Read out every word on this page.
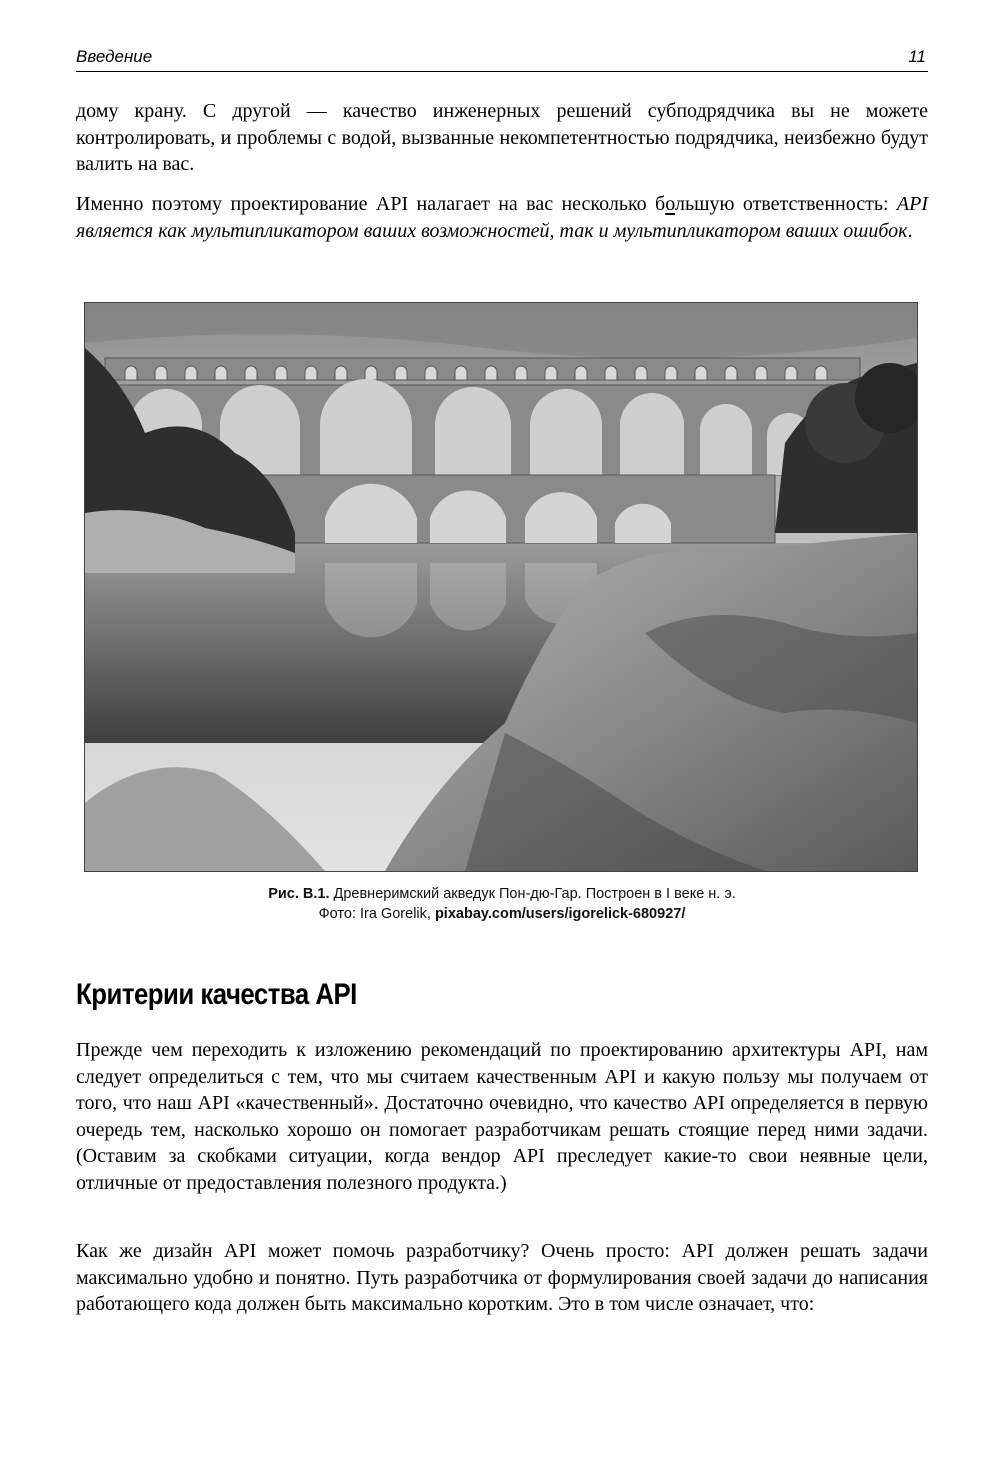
Введение	11

дому крану. С другой — качество инженерных решений субподрядчика вы не можете контролировать, и проблемы с водой, вызванные некомпетентностью подрядчика, неизбежно будут валить на вас.

Именно поэтому проектирование API налагает на вас несколько большую ответственность: API является как мультипликатором ваших возможностей, так и мультипликатором ваших ошибок.

Рис. В.1. Древнеримский акведук Пон-дю-Гар. Построен в I веке н. э.
Фото: Ira Gorelik, pixabay.com/users/igorelick-680927/
Критерии качества API

Прежде чем переходить к изложению рекомендаций по проектированию архитектуры API, нам следует определиться с тем, что мы считаем качественным API и какую пользу мы получаем от того, что наш API «качественный». Достаточно очевидно, что качество API определяется в первую очередь тем, насколько хорошо он помогает разработчикам решать стоящие перед ними задачи. (Оставим за скобками ситуации, когда вендор API преследует какие-то свои неявные цели, отличные от предоставления полезного продукта.)

Как же дизайн API может помочь разработчику? Очень просто: API должен решать задачи максимально удобно и понятно. Путь разработчика от формулирования своей задачи до написания работающего кода должен быть максимально коротким. Это в том числе означает, что:
